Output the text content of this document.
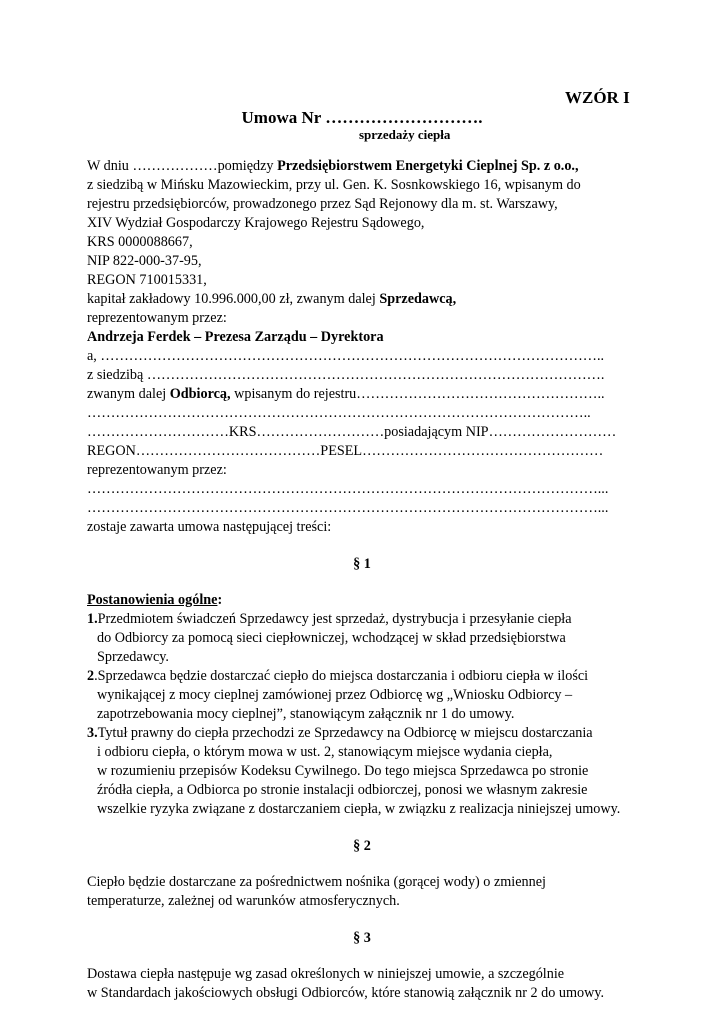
WZÓR I
Umowa Nr ……………………….
sprzedaży ciepła
W dniu ………………pomiędzy Przedsiębiorstwem Energetyki Cieplnej Sp. z o.o.,
z siedzibą w Mińsku Mazowieckim, przy ul. Gen. K. Sosnkowskiego 16, wpisanym do
rejestru przedsiębiorców, prowadzonego przez Sąd Rejonowy dla m. st. Warszawy,
XIV Wydział Gospodarczy Krajowego Rejestru Sądowego,
KRS 0000088667,
NIP 822-000-37-95,
REGON 710015331,
kapitał zakładowy 10.996.000,00 zł, zwanym dalej Sprzedawcą,
reprezentowanym przez:
Andrzeja Ferdek – Prezesa Zarządu – Dyrektora
a, ……………………………………………………………………………………………..
z siedzibą …………………………………………………………………………………….
zwanym dalej Odbiorcą, wpisanym do rejestru……………………………………………..
……………………………………………………………………………………………..
…………………………KRS………………………posiadającym NIP………………………
REGON…………………………………PESEL……………………………………………
reprezentowanym przez:
………………………………………………………………………………………………...
………………………………………………………………………………………………...
zostaje zawarta umowa następującej treści:
§ 1
Postanowienia ogólne:
1.Przedmiotem świadczeń Sprzedawcy jest sprzedaż, dystrybucja i przesyłanie ciepła
do Odbiorcy za pomocą sieci ciepłowniczej, wchodzącej w skład przedsiębiorstwa
Sprzedawcy.
2.Sprzedawca będzie dostarczać ciepło do miejsca dostarczania i odbioru ciepła w ilości
wynikającej z mocy cieplnej zamówionej przez Odbiorcę wg „Wniosku Odbiorcy –
zapotrzebowania mocy cieplnej”, stanowiącym załącznik nr 1 do umowy.
3.Tytuł prawny do ciepła przechodzi ze Sprzedawcy na Odbiorcę w miejscu dostarczania
i odbioru ciepła, o którym mowa w ust. 2, stanowiącym miejsce wydania ciepła,
w rozumieniu przepisów Kodeksu Cywilnego. Do tego miejsca Sprzedawca po stronie
źródła ciepła, a Odbiorca po stronie instalacji odbiorczej, ponosi we własnym zakresie
wszelkie ryzyka związane z dostarczaniem ciepła, w związku z realizacja niniejszej umowy.
§ 2
Ciepło będzie dostarczane za pośrednictwem nośnika (gorącej wody) o zmiennej
temperaturze, zależnej od warunków atmosferycznych.
§ 3
Dostawa ciepła następuje wg zasad określonych w niniejszej umowie, a szczególnie
w Standardach jakościowych obsługi Odbiorców, które stanowią załącznik nr 2 do umowy.
